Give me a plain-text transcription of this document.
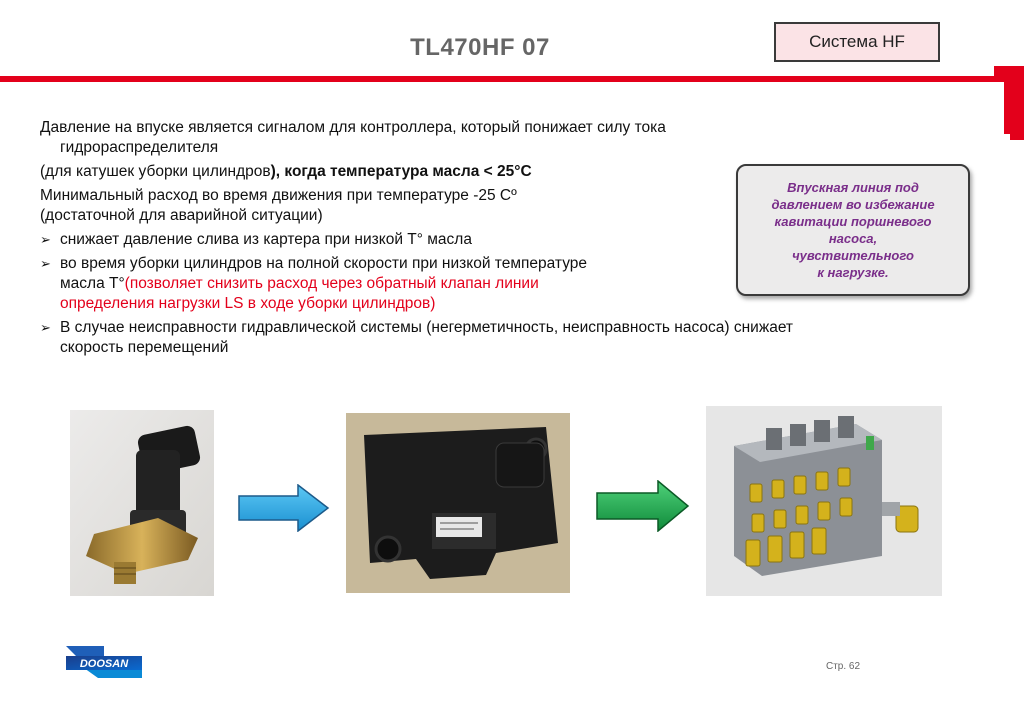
TL470HF 07	Система HF

Давление на впуске является сигналом для контроллера, который понижает силу тока
гидрораспределителя

(для катушек уборки цилиндров), когда температура масла < 25°C

Минимальный расход во время движения при температуре -25 Cº
(достаточной для аварийной ситуации)

➢ снижает давление слива из картера при низкой T° масла
➢ во время уборки цилиндров на полной скорости при низкой температуре
масла T°(позволяет снизить расход через обратный клапан линии
определения нагрузки LS в ходе уборки цилиндров)
➢ В случае неисправности гидравлической системы (негерметичность, неисправность насоса) снижает
скорость перемещений
Впускная линия под
давлением во избежание
кавитации поршневого
насоса,
чувствительного
к нагрузке.
DOOSAN	Стр. 62
